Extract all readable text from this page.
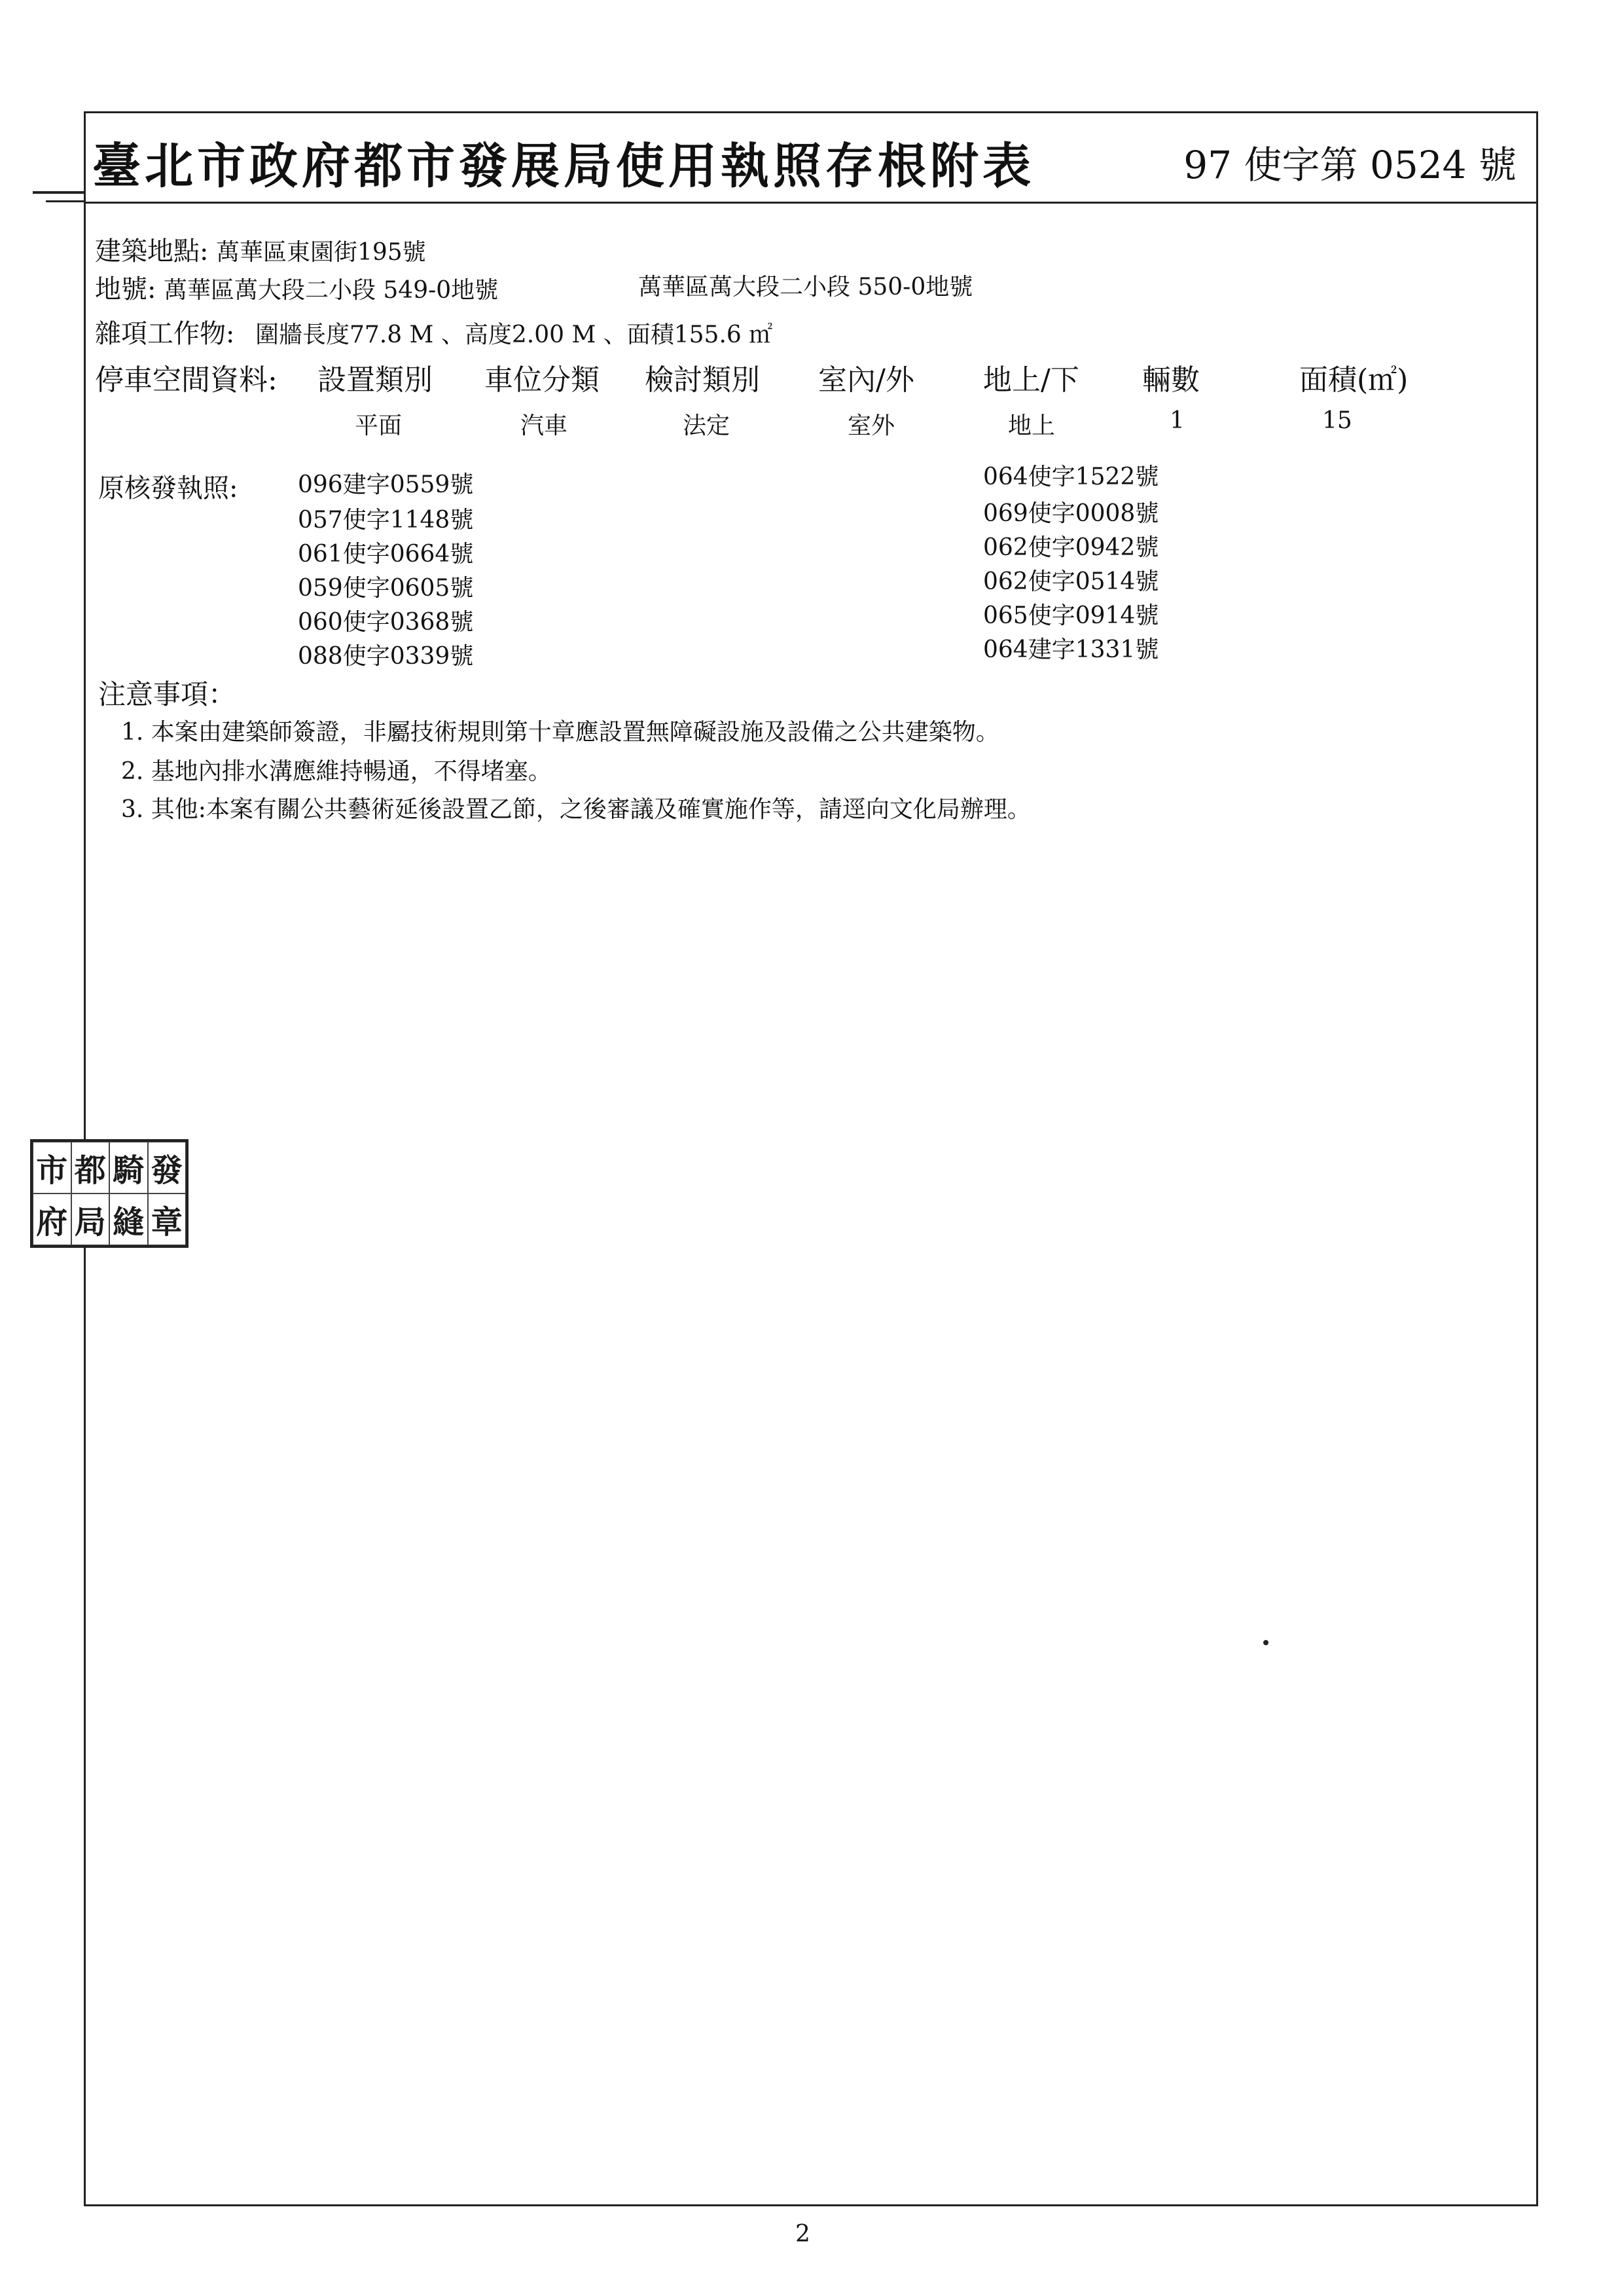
臺北市政府都市發展局使用執照存根附表	97 使字第 0524 號
建築地點: 萬華區東園街195號
地號: 萬華區萬大段二小段 549-0地號	萬華區萬大段二小段 550-0地號
雜項工作物: 圍牆長度77.8 M 、高度2.00 M 、面積155.6 ㎡
停車空間資料: 設置類別 車位分類 檢討類別 室內/外 地上/下 輛數	面積(㎡)
平面	汽車	法定	室外	地上	1	15
原核發執照:	096建字0559號
057使字1148號
061使字0664號
059使字0605號
060使字0368號
088使字0339號
064使字1522號
069使字0008號
062使字0942號
062使字0514號
065使字0914號
064建字1331號
注意事項：
1. 本案由建築師簽證，非屬技術規則第十章應設置無障礙設施及設備之公共建築物。
2. 基地內排水溝應維持暢通，不得堵塞。
3. 其他:本案有關公共藝術延後設置乙節，之後審議及確實施作等，請逕向文化局辦理。
市 都 騎 發
府 局 縫 章
2
